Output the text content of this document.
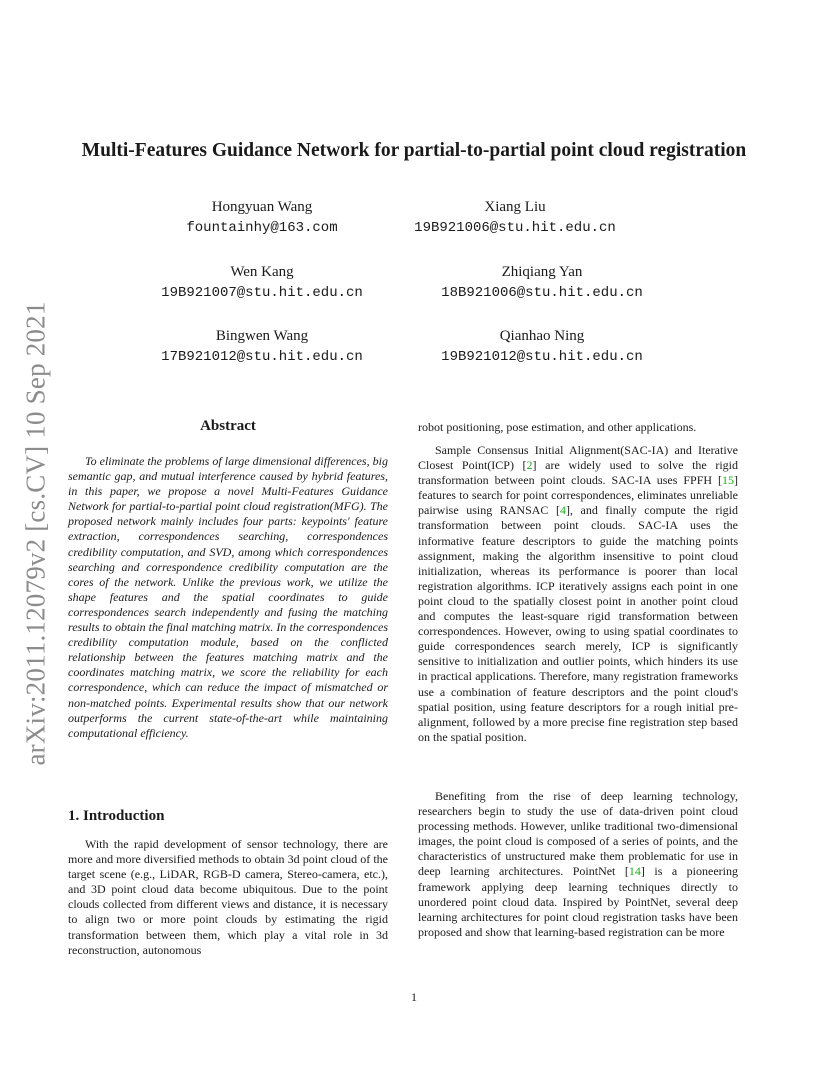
arXiv:2011.12079v2 [cs.CV] 10 Sep 2021
Multi-Features Guidance Network for partial-to-partial point cloud registration
Hongyuan Wang
fountainhy@163.com
Xiang Liu
19B921006@stu.hit.edu.cn
Wen Kang
19B921007@stu.hit.edu.cn
Zhiqiang Yan
18B921006@stu.hit.edu.cn
Bingwen Wang
17B921012@stu.hit.edu.cn
Qianhao Ning
19B921012@stu.hit.edu.cn
Abstract

To eliminate the problems of large dimensional differences, big semantic gap, and mutual interference caused by hybrid features, in this paper, we propose a novel Multi-Features Guidance Network for partial-to-partial point cloud registration(MFG). The proposed network mainly includes four parts: keypoints' feature extraction, correspondences searching, correspondences credibility computation, and SVD, among which correspondences searching and correspondence credibility computation are the cores of the network. Unlike the previous work, we utilize the shape features and the spatial coordinates to guide correspondences search independently and fusing the matching results to obtain the final matching matrix. In the correspondences credibility computation module, based on the conflicted relationship between the features matching matrix and the coordinates matching matrix, we score the reliability for each correspondence, which can reduce the impact of mismatched or non-matched points. Experimental results show that our network outperforms the current state-of-the-art while maintaining computational efficiency.

1. Introduction

With the rapid development of sensor technology, there are more and more diversified methods to obtain 3d point cloud of the target scene (e.g., LiDAR, RGB-D camera, Stereo-camera, etc.), and 3D point cloud data become ubiquitous. Due to the point clouds collected from different views and distance, it is necessary to align two or more point clouds by estimating the rigid transformation between them, which play a vital role in 3d reconstruction, autonomous

robot positioning, pose estimation, and other applications.

Sample Consensus Initial Alignment(SAC-IA) and Iterative Closest Point(ICP) [2] are widely used to solve the rigid transformation between point clouds. SAC-IA uses FPFH [15] features to search for point correspondences, eliminates unreliable pairwise using RANSAC [4], and finally compute the rigid transformation between point clouds. SAC-IA uses the informative feature descriptors to guide the matching points assignment, making the algorithm insensitive to point cloud initialization, whereas its performance is poorer than local registration algorithms. ICP iteratively assigns each point in one point cloud to the spatially closest point in another point cloud and computes the least-square rigid transformation between correspondences. However, owing to using spatial coordinates to guide correspondences search merely, ICP is significantly sensitive to initialization and outlier points, which hinders its use in practical applications. Therefore, many registration frameworks use a combination of feature descriptors and the point cloud's spatial position, using feature descriptors for a rough initial pre-alignment, followed by a more precise fine registration step based on the spatial position.

Benefiting from the rise of deep learning technology, researchers begin to study the use of data-driven point cloud processing methods. However, unlike traditional two-dimensional images, the point cloud is composed of a series of points, and the characteristics of unstructured make them problematic for use in deep learning architectures. PointNet [14] is a pioneering framework applying deep learning techniques directly to unordered point cloud data. Inspired by PointNet, several deep learning architectures for point cloud registration tasks have been proposed and show that learning-based registration can be more

1
